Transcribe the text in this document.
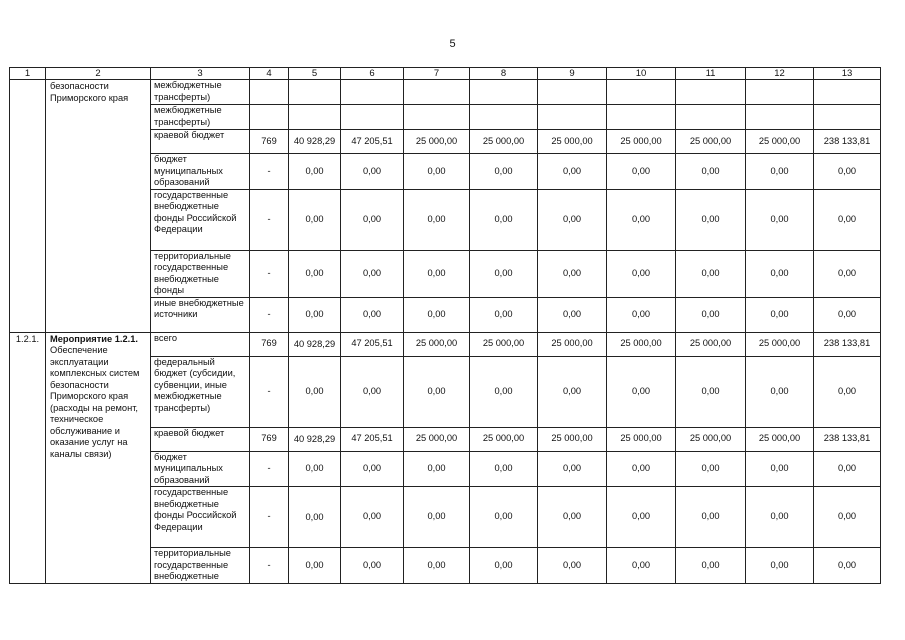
5
1	2	3	4	5	6	7	8	9	10	11	12	13
	безопасности Приморского края	межбюджетные трансферты)										
		межбюджетные трансферты)										
		краевой бюджет	769	40 928,29	47 205,51	25 000,00	25 000,00	25 000,00	25 000,00	25 000,00	25 000,00	238 133,81
		бюджет муниципальных образований	-	0,00	0,00	0,00	0,00	0,00	0,00	0,00	0,00	0,00
		государственные внебюджетные фонды Российской Федерации	-	0,00	0,00	0,00	0,00	0,00	0,00	0,00	0,00	0,00
		территориальные государственные внебюджетные фонды	-	0,00	0,00	0,00	0,00	0,00	0,00	0,00	0,00	0,00
		иные внебюджетные источники	-	0,00	0,00	0,00	0,00	0,00	0,00	0,00	0,00	0,00
1.2.1.	Мероприятие 1.2.1.
Обеспечение эксплуатации комплексных систем безопасности Приморского края (расходы на ремонт, техническое обслуживание и оказание услуг на каналы связи)	всего	769	40 928,29	47 205,51	25 000,00	25 000,00	25 000,00	25 000,00	25 000,00	25 000,00	238 133,81
		федеральный бюджет (субсидии, субвенции, иные межбюджетные трансферты)	-	0,00	0,00	0,00	0,00	0,00	0,00	0,00	0,00	0,00
		краевой бюджет	769	40 928,29	47 205,51	25 000,00	25 000,00	25 000,00	25 000,00	25 000,00	25 000,00	238 133,81
		бюджет муниципальных образований	-	0,00	0,00	0,00	0,00	0,00	0,00	0,00	0,00	0,00
		государственные внебюджетные фонды Российской Федерации	-	0,00	0,00	0,00	0,00	0,00	0,00	0,00	0,00	0,00
		территориальные государственные внебюджетные	-	0,00	0,00	0,00	0,00	0,00	0,00	0,00	0,00	0,00
